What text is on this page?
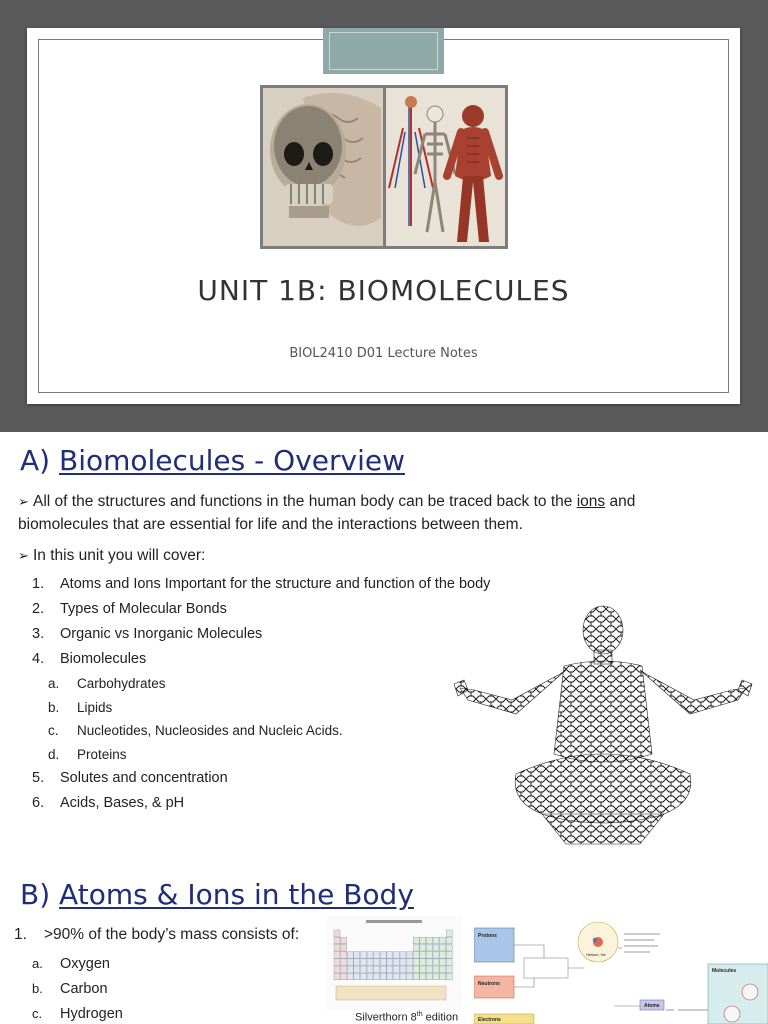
UNIT 1B: BIOMOLECULES
BIOL2410 D01 Lecture Notes
A) Biomolecules - Overview
➢ All of the structures and functions in the human body can be traced back to the ions and biomolecules that are essential for life and the interactions between them.
➢ In this unit you will cover:
1.	Atoms and Ions Important for the structure and function of the body
2.	Types of Molecular Bonds
3.	Organic vs Inorganic Molecules
4.	Biomolecules
a.	Carbohydrates
b.	Lipids
c.	Nucleotides, Nucleosides and Nucleic Acids.
d.	Proteins
5.	Solutes and concentration
6.	Acids, Bases, & pH
B) Atoms & Ions in the Body
1. >90% of the body’s mass consists of:
a. Oxygen
b. Carbon
c. Hydrogen	Silverthorn 8th edition
Protons
Neutrons
Electrons
Helium, He
Atoms
Molecules
